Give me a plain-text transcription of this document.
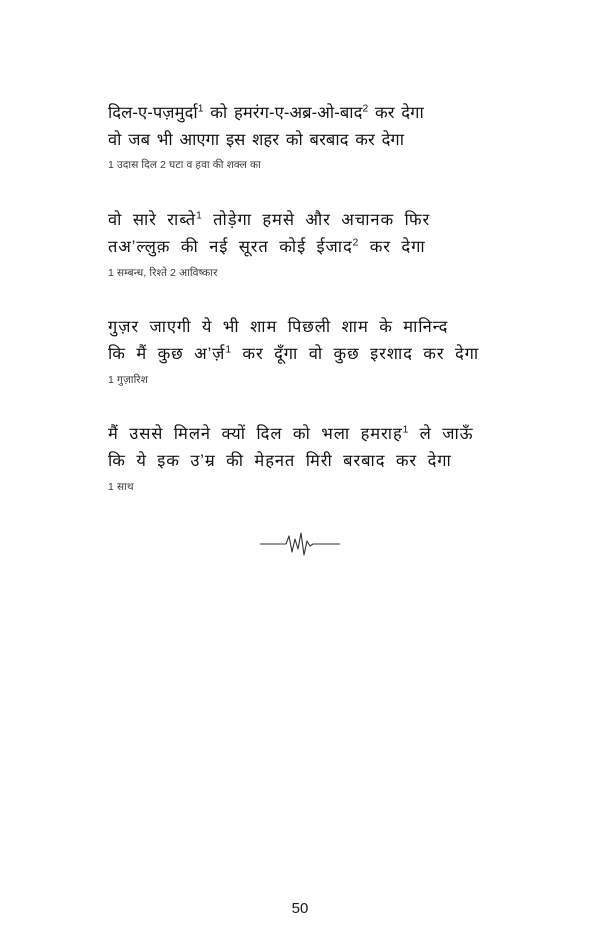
दिल-ए-पज़मुर्दा$^1$ को हमरंग-ए-अब्र-ओ-बाद$^2$ कर देगा
वो जब भी आएगा इस शहर को बरबाद कर देगा
1 उदास दिल 2 घटा व हवा की शक्ल का
वो सारे राब्ते$^1$ तोड़ेगा हमसे और अचानक फिर
तअ’ल्लुक़ की नई सूरत कोई ईजाद$^2$ कर देगा
1 सम्बन्ध, रिश्ते 2 आविष्कार
गुज़र जाएगी ये भी शाम पिछली शाम के मानिन्द
कि मैं कुछ अ’र्ज़$^1$ कर दूँगा वो कुछ इरशाद कर देगा
1 गुज़ारिश
मैं उससे मिलने क्यों दिल को भला हमराह$^1$ ले जाऊँ
कि ये इक उ’म्र की मेहनत मिरी बरबाद कर देगा
1 साथ
50
